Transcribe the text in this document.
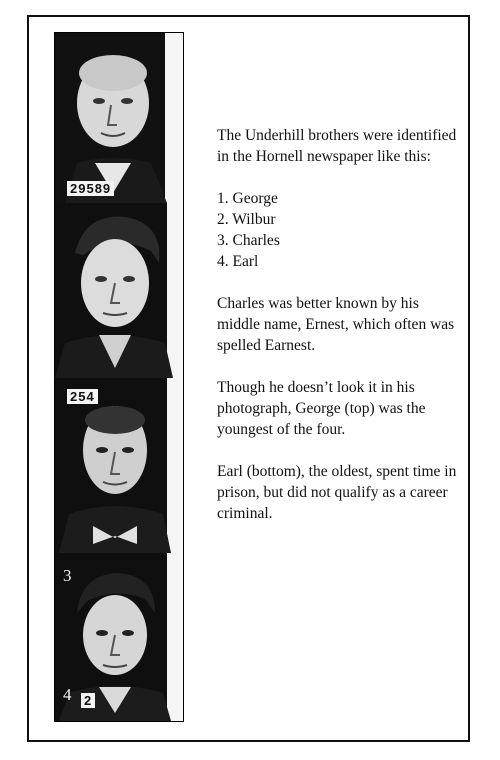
29589
3
4
254
2

The Underhill brothers were identified in the Hornell newspaper like this:

1. George
2. Wilbur
3. Charles
4. Earl

Charles was better known by his middle name, Ernest, which often was spelled Earnest.

Though he doesn’t look it in his photograph, George (top) was the youngest of the four.

Earl (bottom), the oldest, spent time in prison, but did not qualify as a career criminal.
